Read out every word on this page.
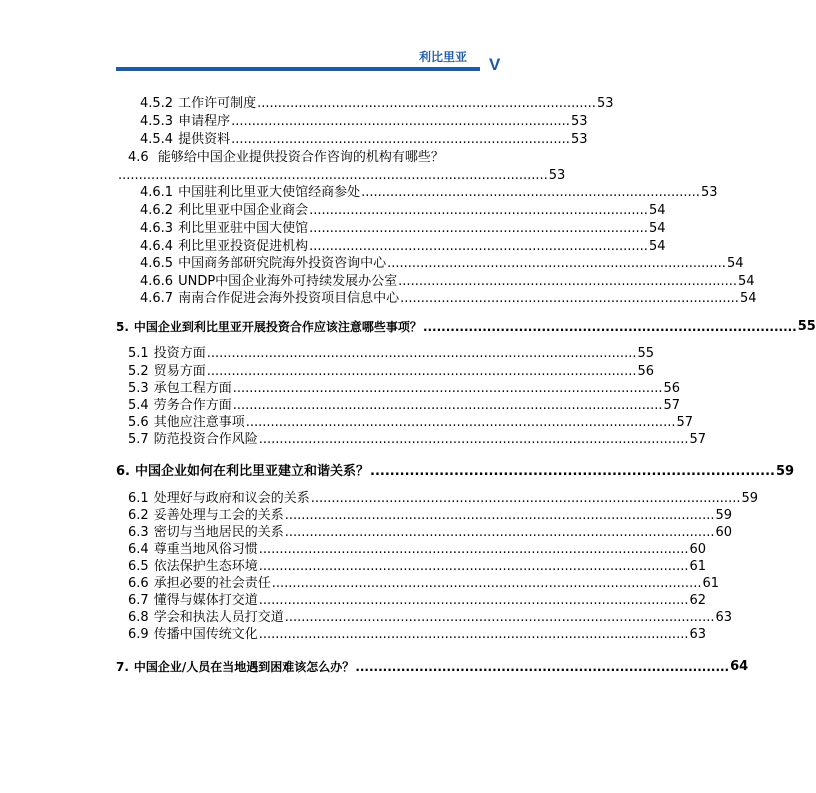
利比里亚 V
4.5.2 工作许可制度 .................................................................................. 53
4.5.3 申请程序 .................................................................................. 53
4.5.4 提供资料 .................................................................................. 53
4.6 能够给中国企业提供投资合作咨询的机构有哪些？
........................................................................................................ 53
4.6.1 中国驻利比里亚大使馆经商参处 .................................................................................. 53
4.6.2 利比里亚中国企业商会 .................................................................................. 54
4.6.3 利比里亚驻中国大使馆 .................................................................................. 54
4.6.4 利比里亚投资促进机构 .................................................................................. 54
4.6.5 中国商务部研究院海外投资咨询中心 .................................................................................. 54
4.6.6 UNDP中国企业海外可持续发展办公室 .................................................................................. 54
4.6.7 南南合作促进会海外投资项目信息中心 .................................................................................. 54
5. 中国企业到利比里亚开展投资合作应该注意哪些事项？ .................................................................................. 55
5.1 投资方面 ........................................................................................................ 55
5.2 贸易方面 ........................................................................................................ 56
5.3 承包工程方面 ........................................................................................................ 56
5.4 劳务合作方面 ........................................................................................................ 57
5.6 其他应注意事项 ........................................................................................................ 57
5.7 防范投资合作风险 ........................................................................................................ 57
6. 中国企业如何在利比里亚建立和谐关系？ .................................................................................. 59
6.1 处理好与政府和议会的关系 ........................................................................................................ 59
6.2 妥善处理与工会的关系 ........................................................................................................ 59
6.3 密切与当地居民的关系 ........................................................................................................ 60
6.4 尊重当地风俗习惯 ........................................................................................................ 60
6.5 依法保护生态环境 ........................................................................................................ 61
6.6 承担必要的社会责任 ........................................................................................................ 61
6.7 懂得与媒体打交道 ........................................................................................................ 62
6.8 学会和执法人员打交道 ........................................................................................................ 63
6.9 传播中国传统文化 ........................................................................................................ 63
7. 中国企业/人员在当地遇到困难该怎么办？ .................................................................................. 64
